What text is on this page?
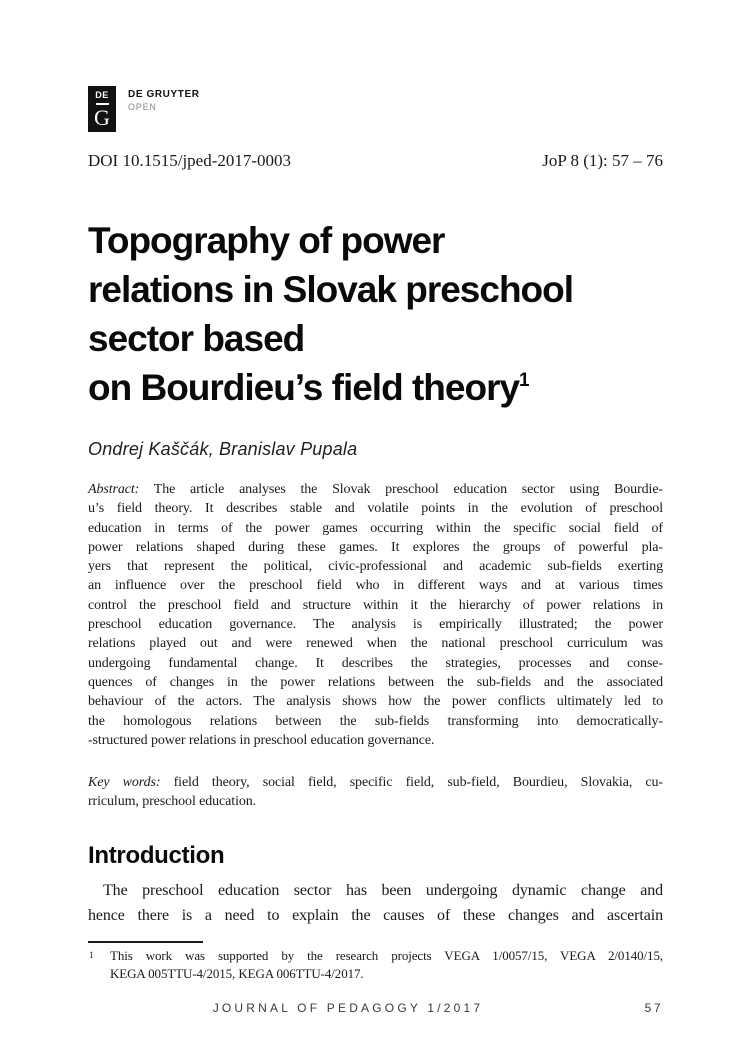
DE
G
DE GRUYTER
OPEN
DOI 10.1515/jped-2017-0003	JoP 8 (1): 57 – 76
Topography of power
relations in Slovak preschool
sector based
on Bourdieu’s field theory$^1$
Ondrej Kaščák, Branislav Pupala
Abstract: The article analyses the Slovak preschool education sector using Bourdie-
u’s field theory. It describes stable and volatile points in the evolution of preschool
education in terms of the power games occurring within the specific social field of
power relations shaped during these games. It explores the groups of powerful pla-
yers that represent the political, civic-professional and academic sub-fields exerting
an influence over the preschool field who in different ways and at various times
control the preschool field and structure within it the hierarchy of power relations in
preschool education governance. The analysis is empirically illustrated; the power
relations played out and were renewed when the national preschool curriculum was
undergoing fundamental change. It describes the strategies, processes and conse-
quences of changes in the power relations between the sub-fields and the associated
behaviour of the actors. The analysis shows how the power conflicts ultimately led to
the homologous relations between the sub-fields transforming into democratically-
-structured power relations in preschool education governance.
Key words: field theory, social field, specific field, sub-field, Bourdieu, Slovakia, cu-
rriculum, preschool education.
Introduction
The preschool education sector has been undergoing dynamic change and
hence there is a need to explain the causes of these changes and ascertain
1 This work was supported by the research projects VEGA 1/0057/15, VEGA 2/0140/15,
KEGA 005TTU-4/2015, KEGA 006TTU-4/2017.
JOURNAL OF PEDAGOGY 1/2017	57
